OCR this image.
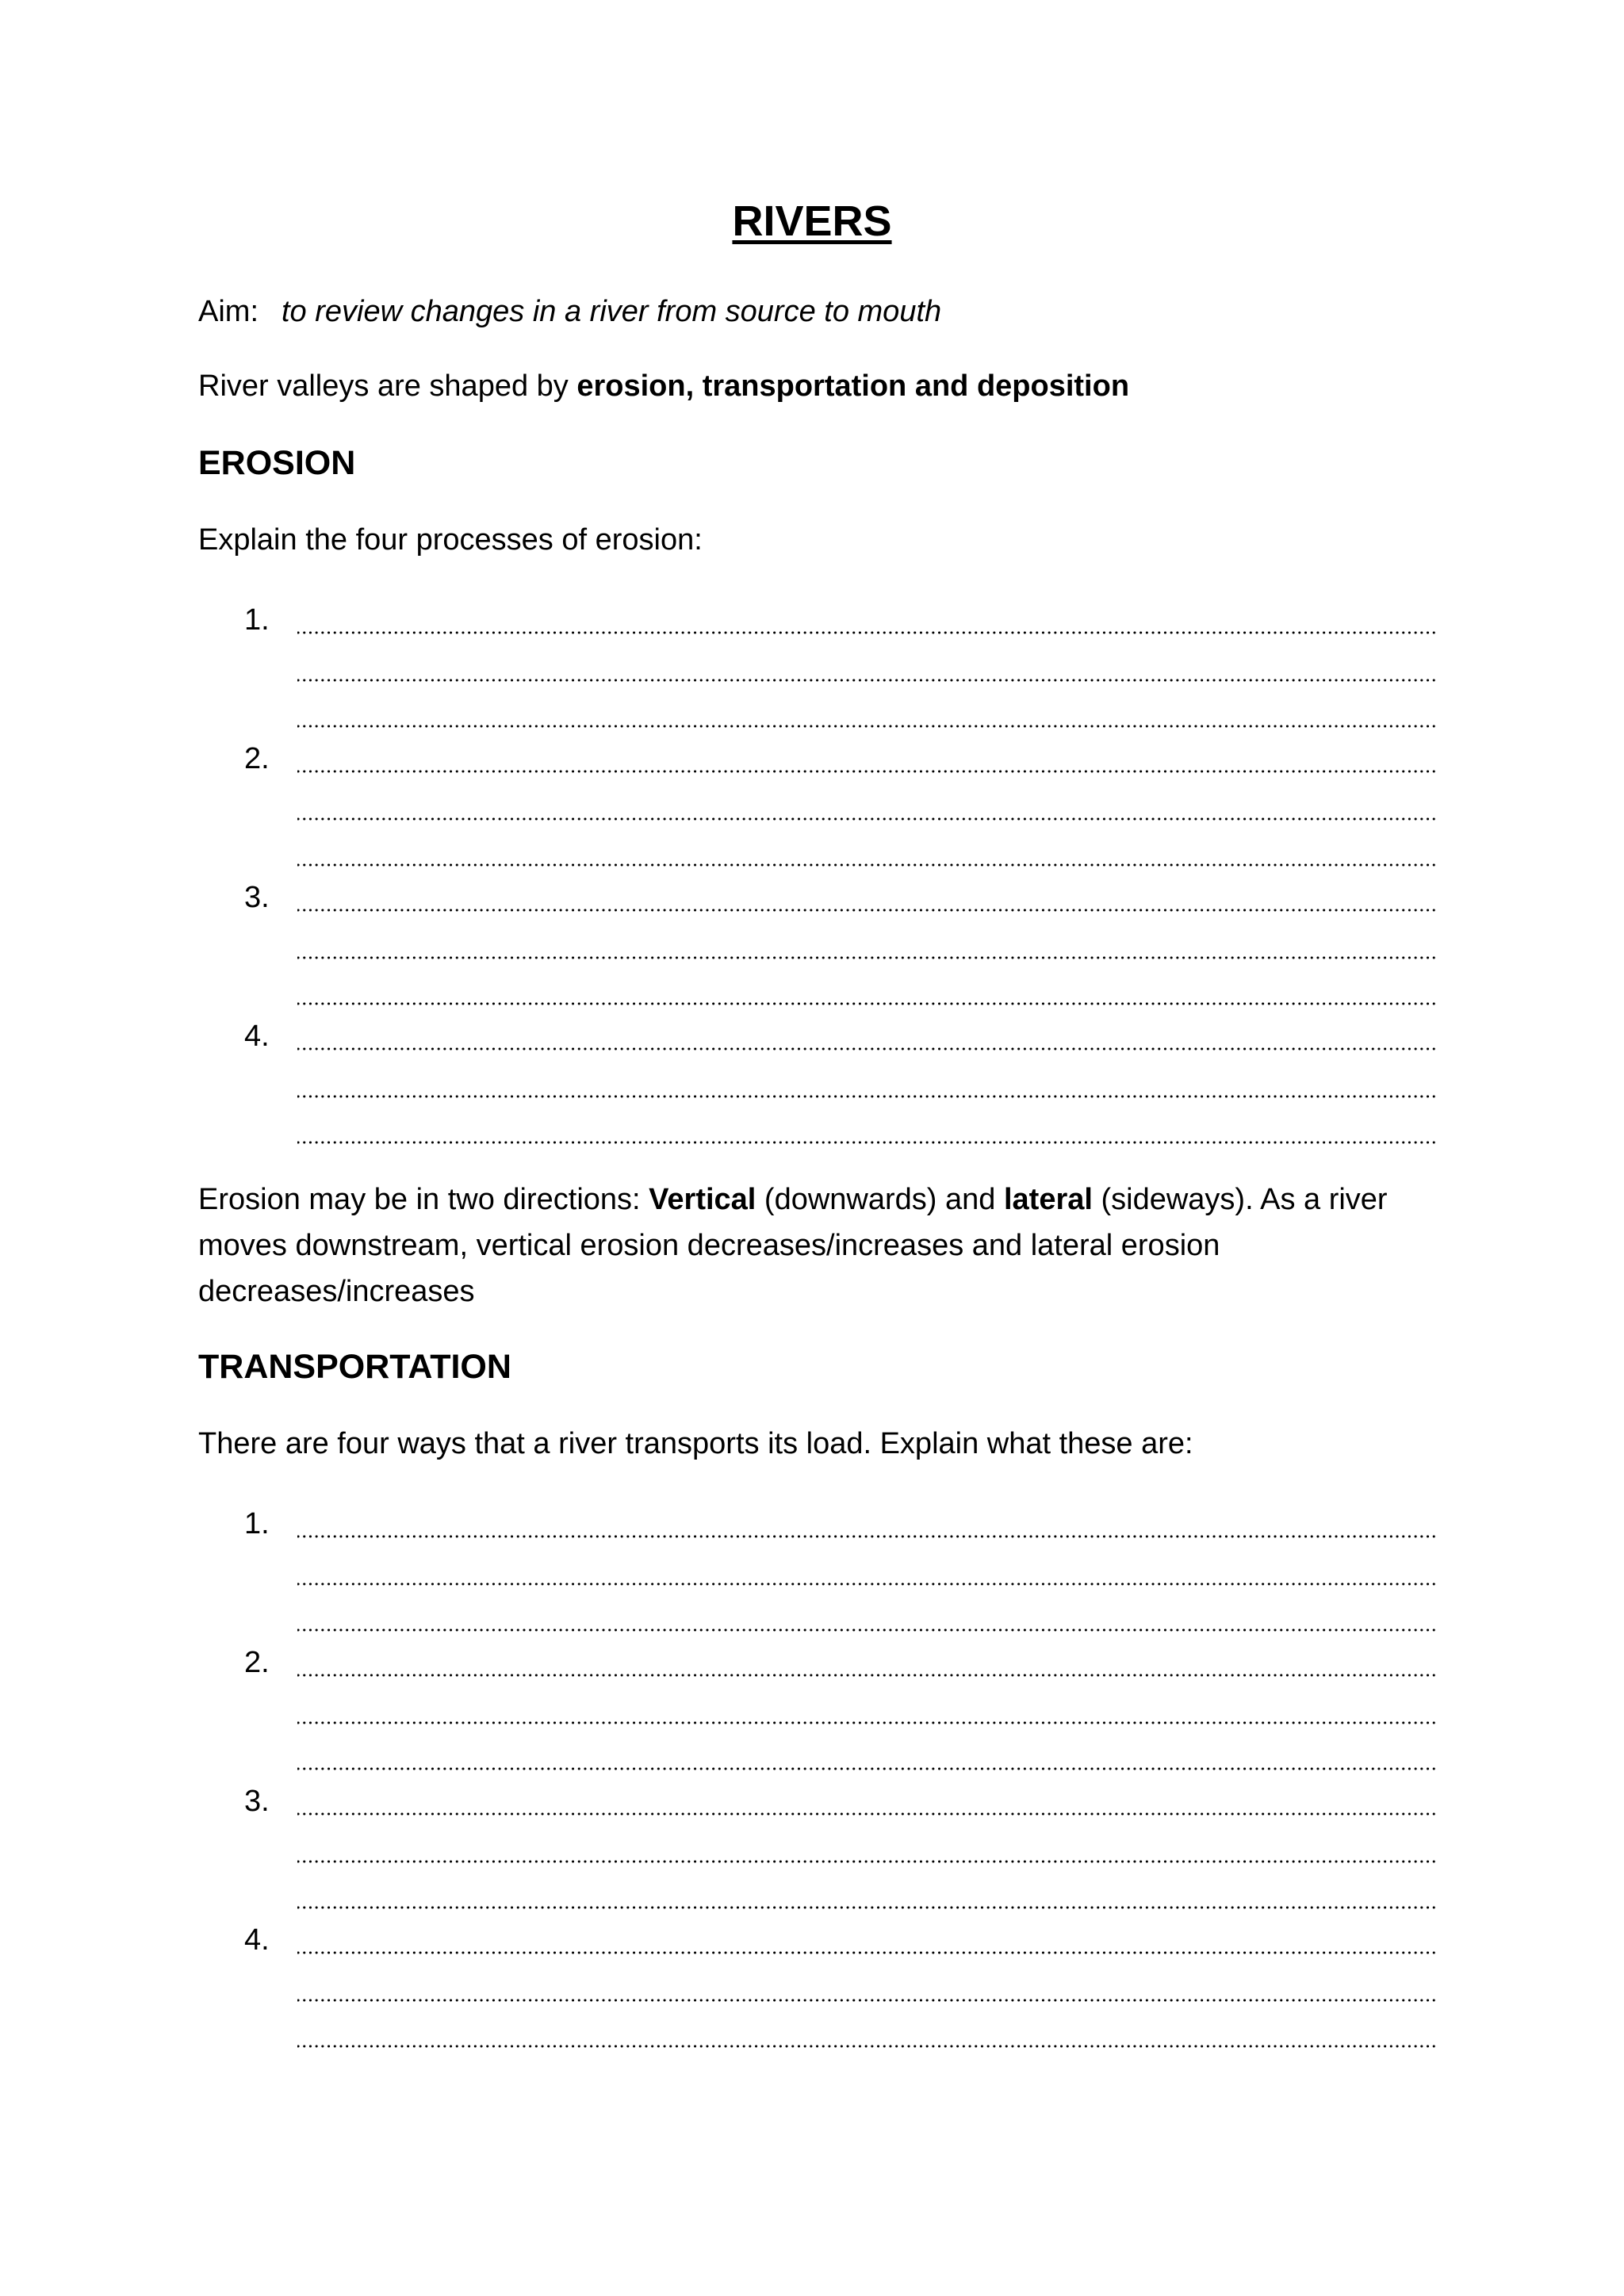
RIVERS
Aim: to review changes in a river from source to mouth
River valleys are shaped by erosion, transportation and deposition
EROSION
Explain the four processes of erosion:
1.
2.
3.
4.
Erosion may be in two directions: Vertical (downwards) and lateral (sideways). As a river moves downstream, vertical erosion decreases/increases and lateral erosion decreases/increases
TRANSPORTATION
There are four ways that a river transports its load. Explain what these are:
1.
2.
3.
4.
